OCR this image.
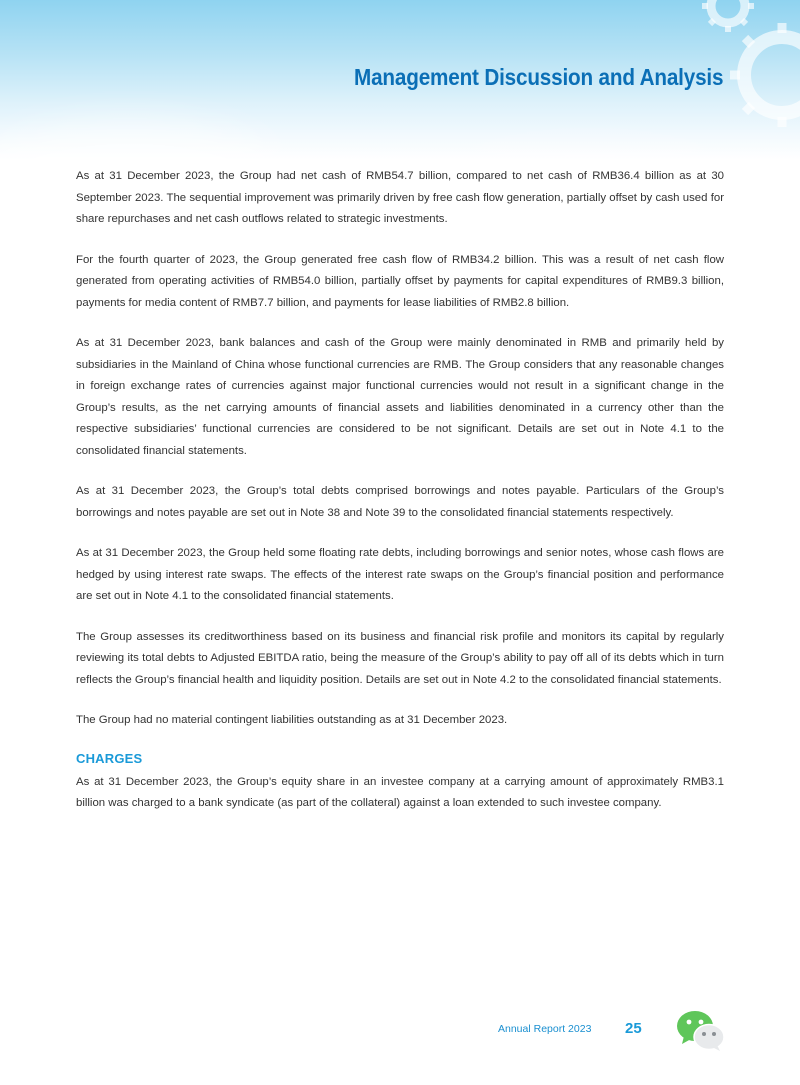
Management Discussion and Analysis

As at 31 December 2023, the Group had net cash of RMB54.7 billion, compared to net cash of RMB36.4 billion as at 30 September 2023. The sequential improvement was primarily driven by free cash flow generation, partially offset by cash used for share repurchases and net cash outflows related to strategic investments.

For the fourth quarter of 2023, the Group generated free cash flow of RMB34.2 billion. This was a result of net cash flow generated from operating activities of RMB54.0 billion, partially offset by payments for capital expenditures of RMB9.3 billion, payments for media content of RMB7.7 billion, and payments for lease liabilities of RMB2.8 billion.

As at 31 December 2023, bank balances and cash of the Group were mainly denominated in RMB and primarily held by subsidiaries in the Mainland of China whose functional currencies are RMB. The Group considers that any reasonable changes in foreign exchange rates of currencies against major functional currencies would not result in a significant change in the Group’s results, as the net carrying amounts of financial assets and liabilities denominated in a currency other than the respective subsidiaries’ functional currencies are considered to be not significant. Details are set out in Note 4.1 to the consolidated financial statements.

As at 31 December 2023, the Group’s total debts comprised borrowings and notes payable. Particulars of the Group’s borrowings and notes payable are set out in Note 38 and Note 39 to the consolidated financial statements respectively.

As at 31 December 2023, the Group held some floating rate debts, including borrowings and senior notes, whose cash flows are hedged by using interest rate swaps. The effects of the interest rate swaps on the Group’s financial position and performance are set out in Note 4.1 to the consolidated financial statements.

The Group assesses its creditworthiness based on its business and financial risk profile and monitors its capital by regularly reviewing its total debts to Adjusted EBITDA ratio, being the measure of the Group’s ability to pay off all of its debts which in turn reflects the Group’s financial health and liquidity position. Details are set out in Note 4.2 to the consolidated financial statements.

The Group had no material contingent liabilities outstanding as at 31 December 2023.

CHARGES

As at 31 December 2023, the Group’s equity share in an investee company at a carrying amount of approximately RMB3.1 billion was charged to a bank syndicate (as part of the collateral) against a loan extended to such investee company.

Annual Report 2023 25
